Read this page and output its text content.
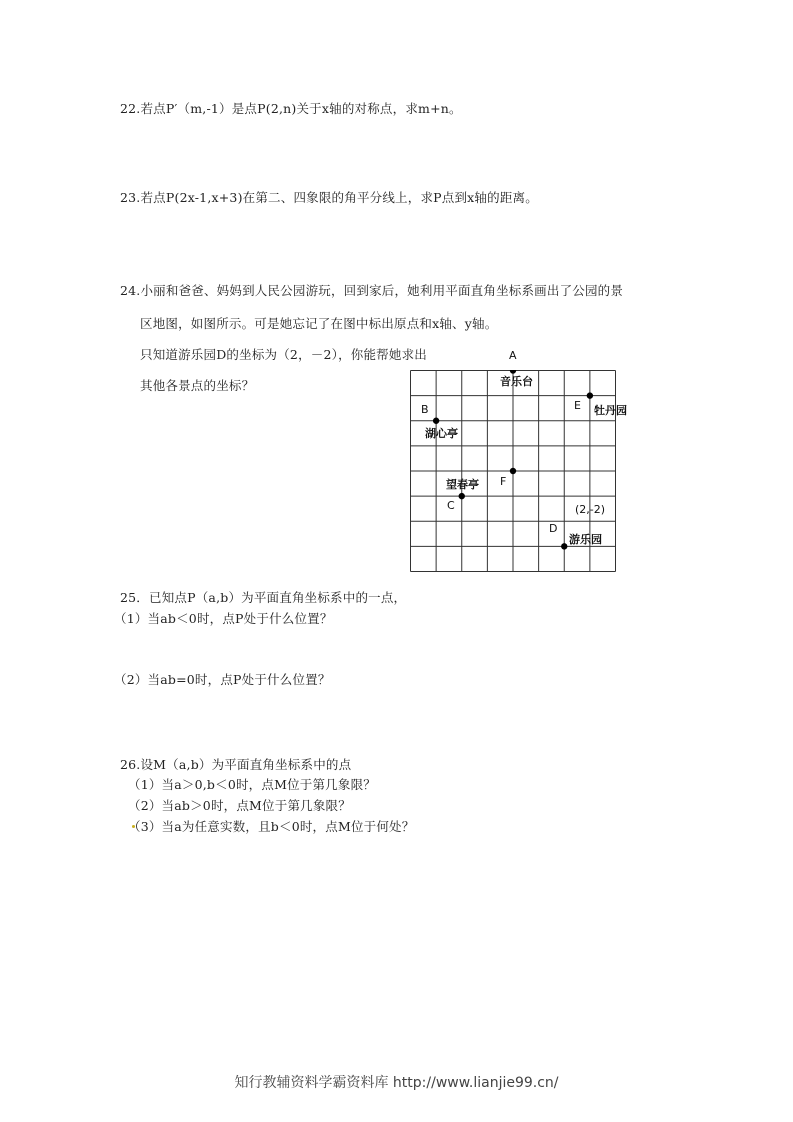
22.若点P′（m,-1）是点P(2,n)关于x轴的对称点，求m+n。
23.若点P(2x-1,x+3)在第二、四象限的角平分线上，求P点到x轴的距离。
24.小丽和爸爸、妈妈到人民公园游玩，回到家后，她利用平面直角坐标系画出了公园的景
区地图，如图所示。可是她忘记了在图中标出原点和x轴、y轴。
只知道游乐园D的坐标为（2，－2），你能帮她求出
其他各景点的坐标？
A
音乐台
B
湖心亭
望春亭
C	(2,-2)
D
游乐园
E 牡丹园
F
25．已知点P（a,b）为平面直角坐标系中的一点，
（1）当ab＜0时，点P处于什么位置？
（2）当ab=0时，点P处于什么位置？
26.设M（a,b）为平面直角坐标系中的点
（1）当a＞0,b＜0时，点M位于第几象限？
（2）当ab＞0时，点M位于第几象限？
（3）当a为任意实数，且b＜0时，点M位于何处？
知行教辅资料学霸资料库 http://www.lianjie99.cn/
